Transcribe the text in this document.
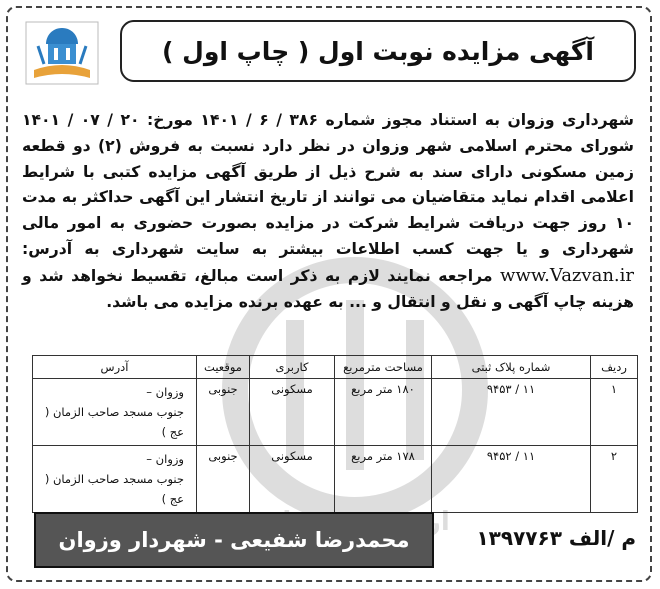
آگهی مزایده نوبت اول ( چاپ اول )

شهرداری وزوان به استناد مجوز شماره ۳۸۶ / ۶ / ۱۴۰۱ مورخ: ۲۰ / ۰۷ / ۱۴۰۱ شورای محترم اسلامی شهر وزوان در نظر دارد نسبت به فروش (۲) دو قطعه زمین مسکونی دارای سند به شرح ذیل از طریق آگهی مزایده کتبی با شرایط اعلامی اقدام نماید متقاضیان می توانند از تاریخ انتشار این آگهی حداکثر به مدت ۱۰ روز جهت دریافت شرایط شرکت در مزایده بصورت حضوری به امور مالی شهرداری و یا جهت کسب اطلاعات بیشتر به سایت شهرداری به آدرس: www.Vazvan.ir مراجعه نمایند لازم به ذکر است مبالغ، تقسیط نخواهد شد و هزینه چاپ آگهی و نقل و انتقال و ... به عهده برنده مزایده می باشد.

ردیف	شماره پلاک ثبتی	مساحت مترمربع	کاربری	موقعیت	آدرس
۱	۱۱ / ۹۴۵۳	۱۸۰ متر مربع	مسکونی	جنوبی	وزوان –
جنوب مسجد صاحب الزمان ( عج )

۲	۱۱ / ۹۴۵۲	۱۷۸ متر مربع	مسکونی	جنوبی	وزوان –
جنوب مسجد صاحب الزمان ( عج )
محمدرضا شفیعی - شهردار وزوان	م /الف ۱۳۹۷۷۶۳
